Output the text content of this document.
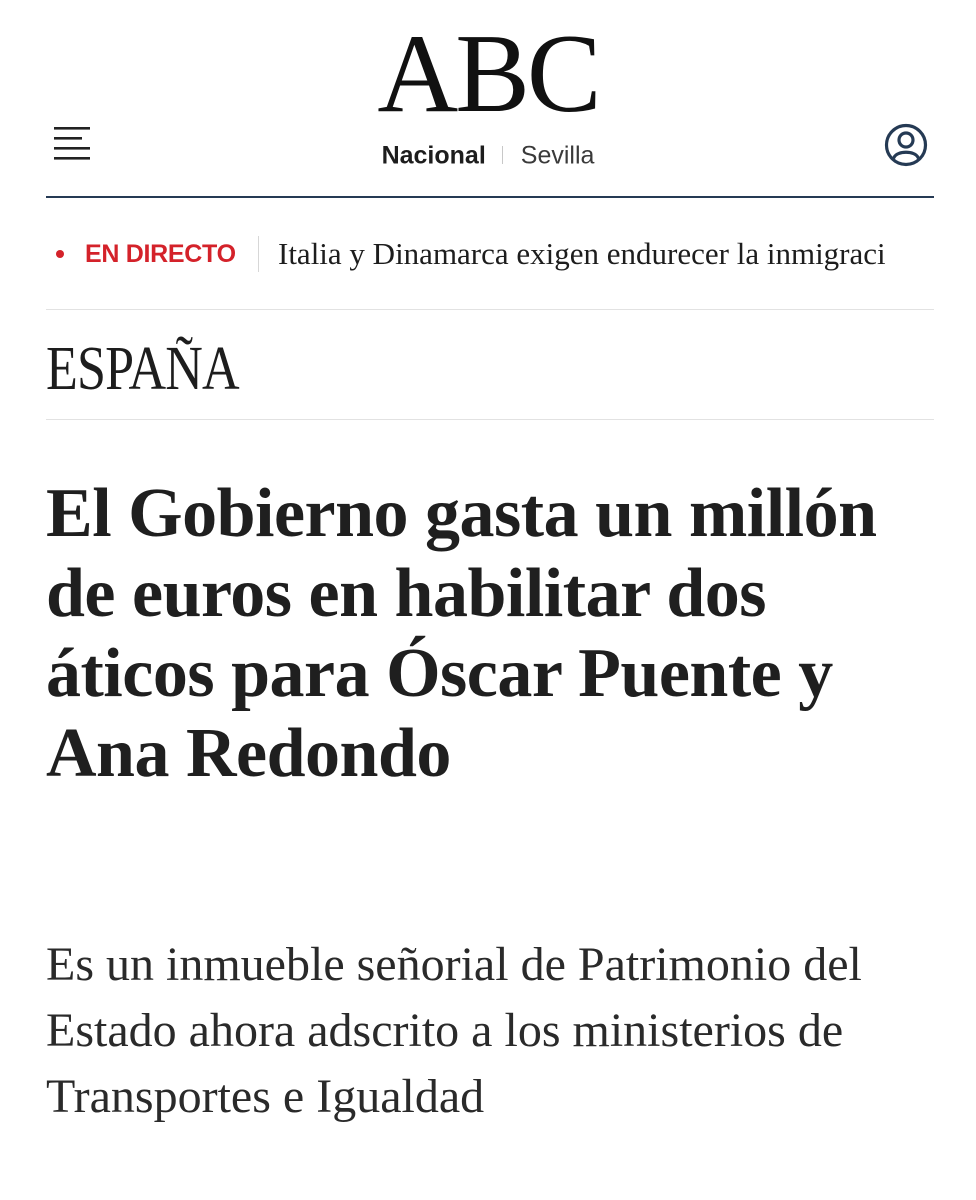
ABC
Nacional Sevilla
EN DIRECTO Italia y Dinamarca exigen endurecer la inmigraci
ESPAÑA
El Gobierno gasta un millón de euros en habilitar dos áticos para Óscar Puente y Ana Redondo

Es un inmueble señorial de Patrimonio del Estado ahora adscrito a los ministerios de Transportes e Igualdad
